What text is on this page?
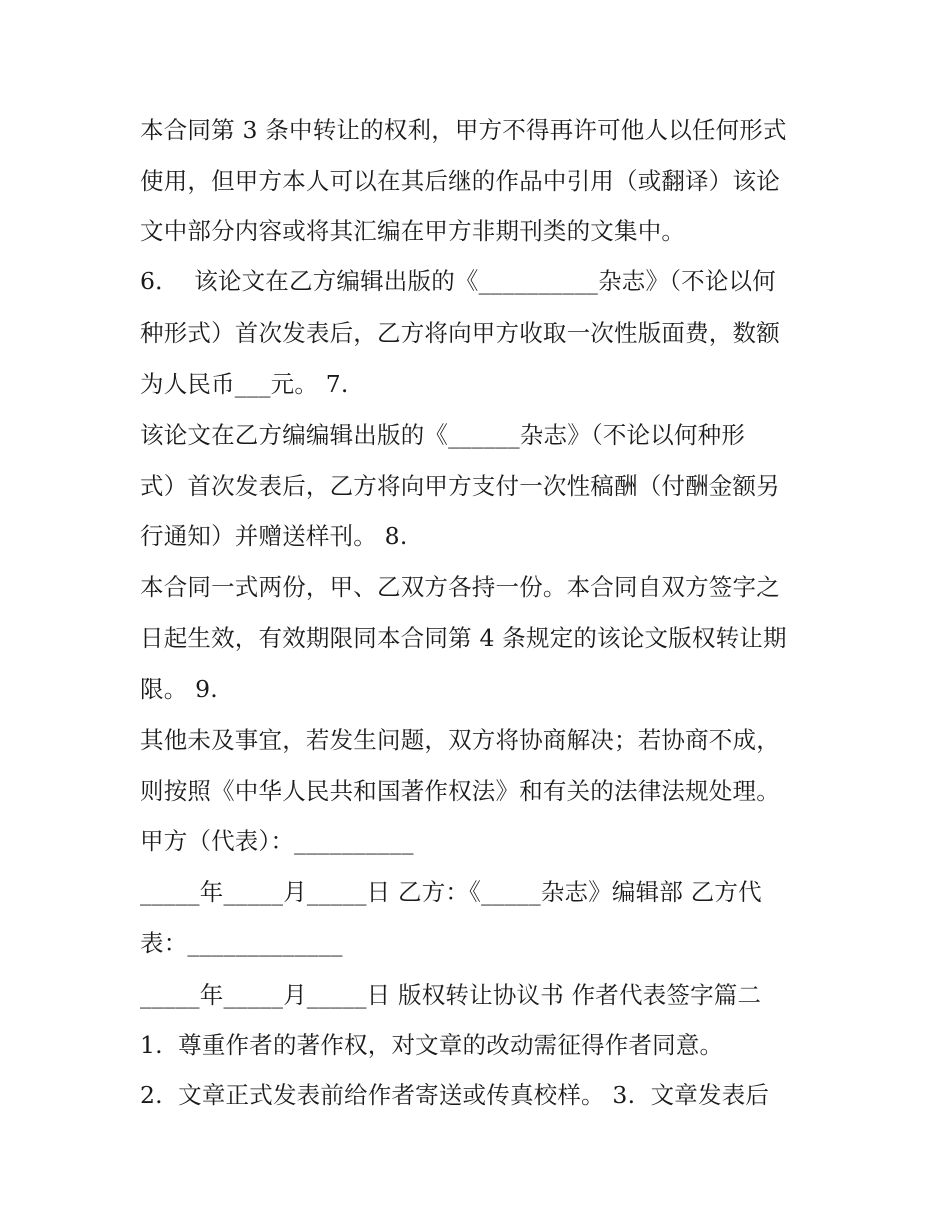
本合同第 3 条中转让的权利，甲方不得再许可他人以任何形式
使用，但甲方本人可以在其后继的作品中引用（或翻译）该论
文中部分内容或将其汇编在甲方非期刊类的文集中。
6．  该论文在乙方编辑出版的《__________杂志》（不论以何
种形式）首次发表后，乙方将向甲方收取一次性版面费，数额
为人民币___元。 7.
该论文在乙方编编辑出版的《______杂志》（不论以何种形
式）首次发表后，乙方将向甲方支付一次性稿酬（付酬金额另
行通知）并赠送样刊。 8.
本合同一式两份，甲、乙双方各持一份。本合同自双方签字之
日起生效，有效期限同本合同第 4 条规定的该论文版权转让期
限。 9.
其他未及事宜，若发生问题，双方将协商解决；若协商不成，
则按照《中华人民共和国著作权法》和有关的法律法规处理。
甲方（代表）：__________
_____年_____月_____日 乙方：《_____杂志》编辑部 乙方代
表：_____________
_____年_____月_____日 版权转让协议书 作者代表签字篇二
1.  尊重作者的著作权，对文章的改动需征得作者同意。
2.  文章正式发表前给作者寄送或传真校样。 3.  文章发表后
